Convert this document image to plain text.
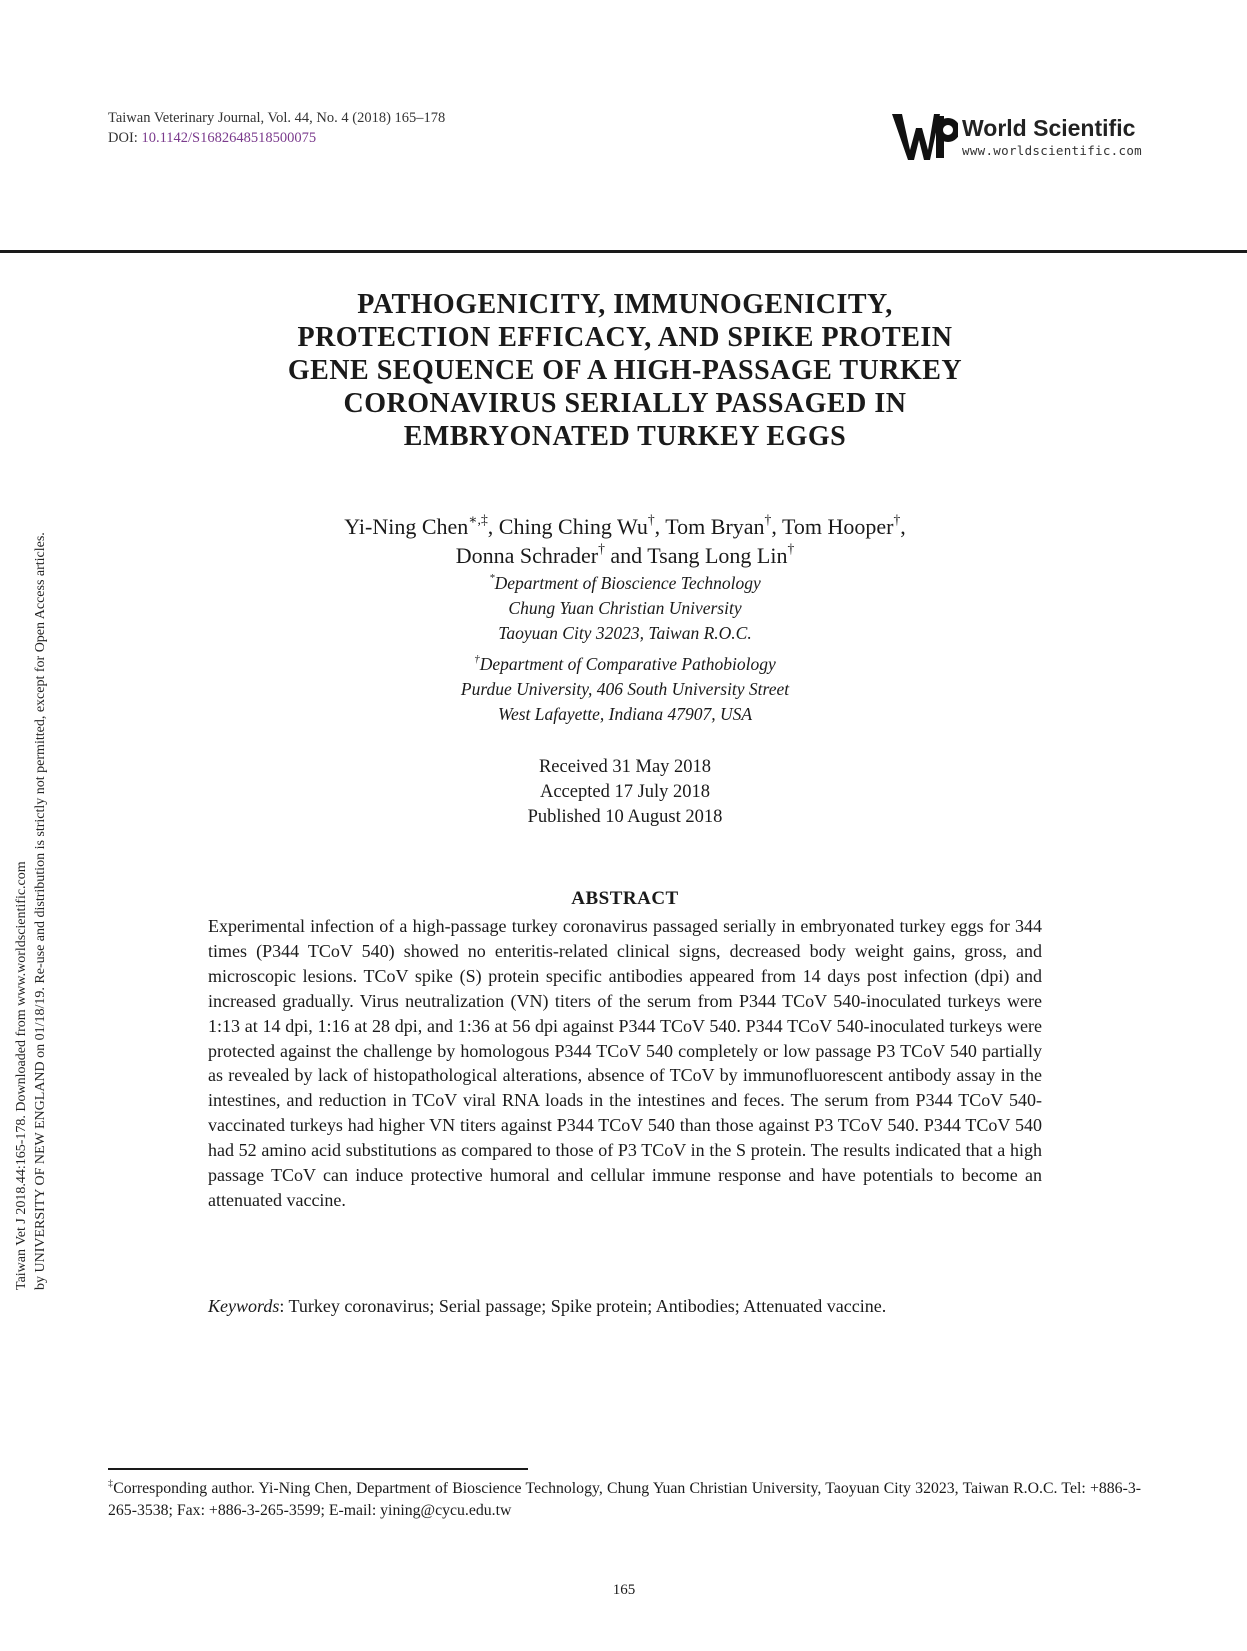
Taiwan Veterinary Journal, Vol. 44, No. 4 (2018) 165–178
DOI: 10.1142/S1682648518500075	World Scientific
www.worldscientific.com
Taiwan Vet J 2018.44:165-178. Downloaded from www.worldscientific.com by UNIVERSITY OF NEW ENGLAND on 01/18/19. Re-use and distribution is strictly not permitted, except for Open Access articles.
PATHOGENICITY, IMMUNOGENICITY,
PROTECTION EFFICACY, AND SPIKE PROTEIN
GENE SEQUENCE OF A HIGH-PASSAGE TURKEY
CORONAVIRUS SERIALLY PASSAGED IN
EMBRYONATED TURKEY EGGS
Yi-Ning Chen∗,‡, Ching Ching Wu†, Tom Bryan†, Tom Hooper†,
Donna Schrader† and Tsang Long Lin†
*Department of Bioscience Technology
Chung Yuan Christian University
Taoyuan City 32023, Taiwan R.O.C.
†Department of Comparative Pathobiology
Purdue University, 406 South University Street
West Lafayette, Indiana 47907, USA
Received 31 May 2018
Accepted 17 July 2018
Published 10 August 2018
ABSTRACT
Experimental infection of a high-passage turkey coronavirus passaged serially in embryonated turkey eggs for 344 times (P344 TCoV 540) showed no enteritis-related clinical signs, decreased body weight gains, gross, and microscopic lesions. TCoV spike (S) protein specific antibodies appeared from 14 days post infection (dpi) and increased gradually. Virus neutralization (VN) titers of the serum from P344 TCoV 540-inoculated turkeys were 1:13 at 14 dpi, 1:16 at 28 dpi, and 1:36 at 56 dpi against P344 TCoV 540. P344 TCoV 540-inoculated turkeys were protected against the challenge by homologous P344 TCoV 540 completely or low passage P3 TCoV 540 partially as revealed by lack of histopathological alterations, absence of TCoV by immunofluorescent antibody assay in the intestines, and reduction in TCoV viral RNA loads in the intestines and feces. The serum from P344 TCoV 540-vaccinated turkeys had higher VN titers against P344 TCoV 540 than those against P3 TCoV 540. P344 TCoV 540 had 52 amino acid substitutions as compared to those of P3 TCoV in the S protein. The results indicated that a high passage TCoV can induce protective humoral and cellular immune response and have potentials to become an attenuated vaccine.
Keywords: Turkey coronavirus; Serial passage; Spike protein; Antibodies; Attenuated vaccine.
‡Corresponding author. Yi-Ning Chen, Department of Bioscience Technology, Chung Yuan Christian University, Taoyuan City 32023, Taiwan R.O.C. Tel: +886-3-265-3538; Fax: +886-3-265-3599; E-mail: yining@cycu.edu.tw
165
